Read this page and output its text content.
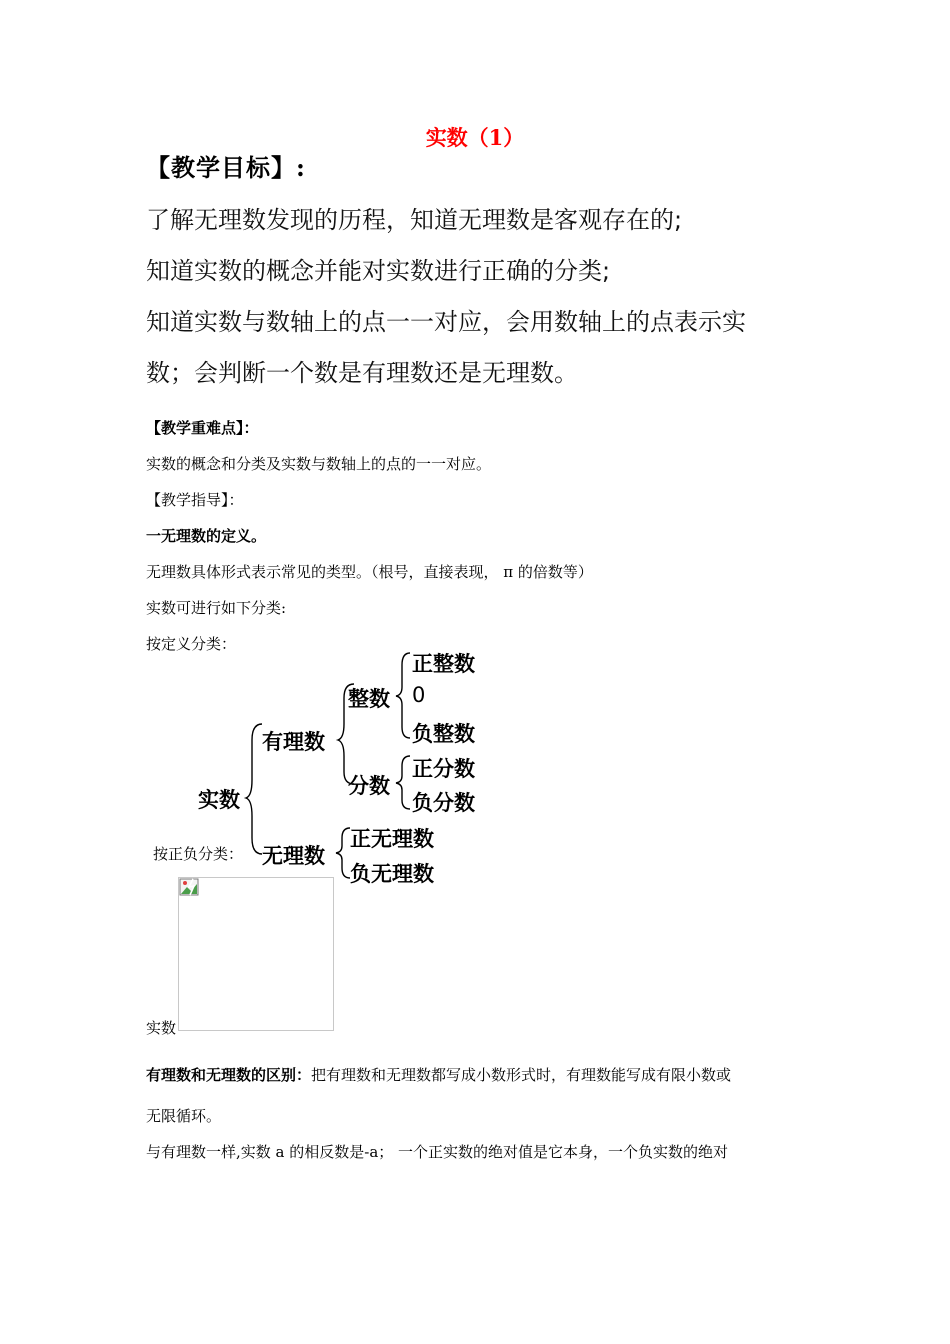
实数（1）
【教学目标】:
了解无理数发现的历程，知道无理数是客观存在的;
知道实数的概念并能对实数进行正确的分类;
知道实数与数轴上的点一一对应，会用数轴上的点表示实
数；会判断一个数是有理数还是无理数。
【教学重难点】：
实数的概念和分类及实数与数轴上的点的一一对应。
【教学指导】：
一无理数的定义。
无理数具体形式表示常见的类型。（根号，直接表现， π 的倍数等）
实数可进行如下分类:
按定义分类：
实数
有理数
整数
正整数
0
负整数
分数
正分数
负分数
无理数
正无理数
负无理数
按正负分类：
实数
有理数和无理数的区别：把有理数和无理数都写成小数形式时，有理数能写成有限小数或
无限循环。
与有理数一样,实数 a 的相反数是-a； 一个正实数的绝对值是它本身，一个负实数的绝对
